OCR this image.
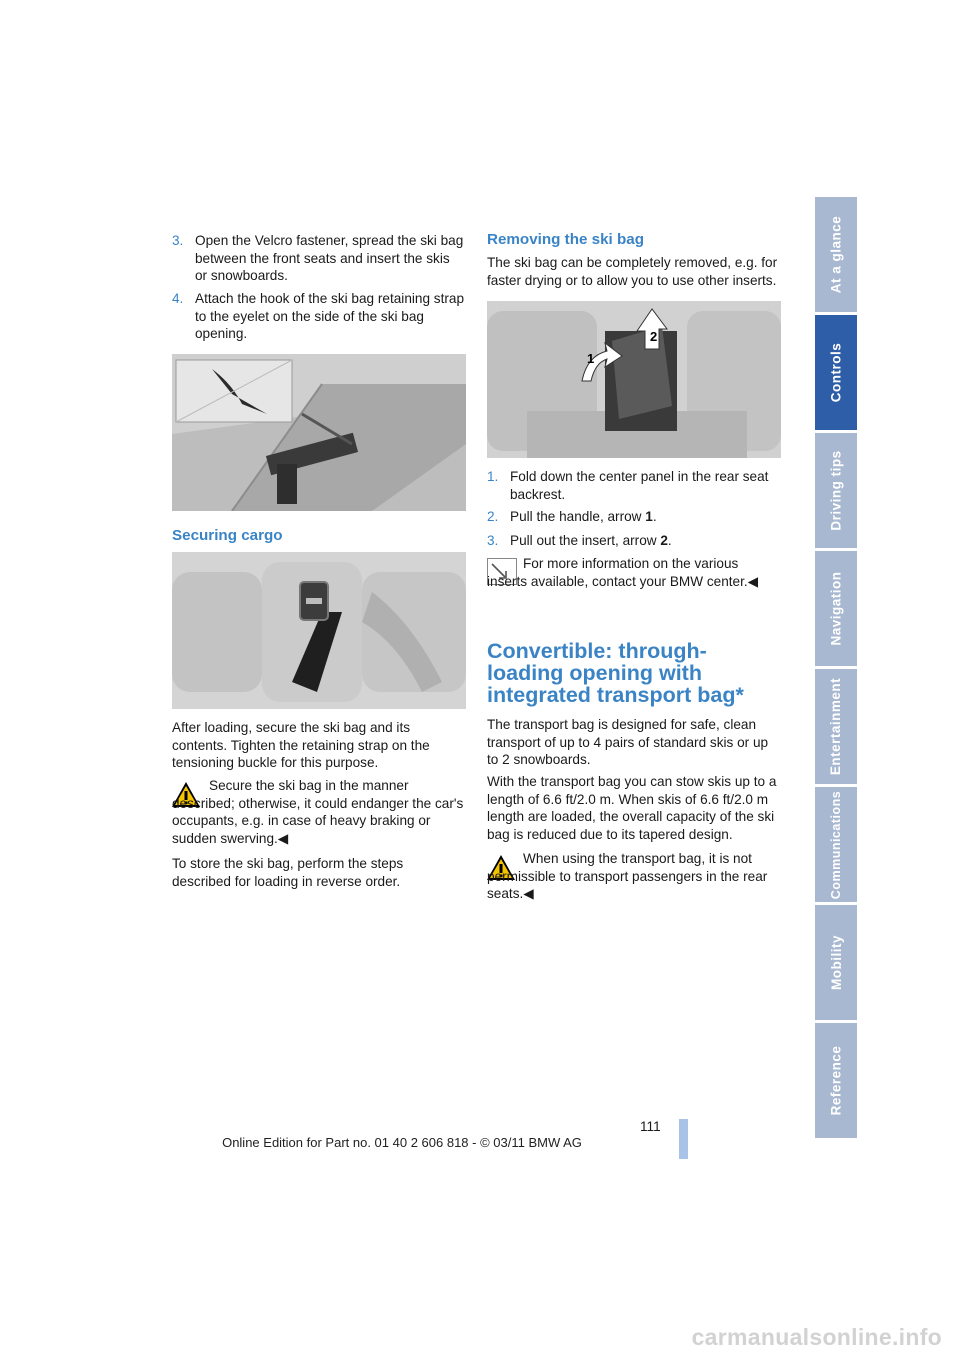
3. Open the Velcro fastener, spread the ski bag between the front seats and insert the skis or snowboards.
4. Attach the hook of the ski bag retaining strap to the eyelet on the side of the ski bag opening.
Securing cargo

After loading, secure the ski bag and its contents. Tighten the retaining strap on the tensioning buckle for this purpose.

Secure the ski bag in the manner described; otherwise, it could endanger the car's occupants, e.g. in case of heavy braking or sudden swerving.◀

To store the ski bag, perform the steps described for loading in reverse order.

Removing the ski bag

The ski bag can be completely removed, e.g. for faster drying or to allow you to use other inserts.

1
2
1. Fold down the center panel in the rear seat backrest.
2. Pull the handle, arrow 1.
3. Pull out the insert, arrow 2.

For more information on the various inserts available, contact your BMW center.◀

Convertible: through-loading opening with integrated transport bag*

The transport bag is designed for safe, clean transport of up to 4 pairs of standard skis or up to 2 snowboards.

With the transport bag you can stow skis up to a length of 6.6 ft/2.0 m. When skis of 6.6 ft/2.0 m length are loaded, the overall capacity of the ski bag is reduced due to its tapered design.

When using the transport bag, it is not permissible to transport passengers in the rear seats.◀

At a glance
Controls
Driving tips
Navigation
Entertainment
Communications
Mobility
Reference
111
Online Edition for Part no. 01 40 2 606 818 - © 03/11 BMW AG
carmanualsonline.info
